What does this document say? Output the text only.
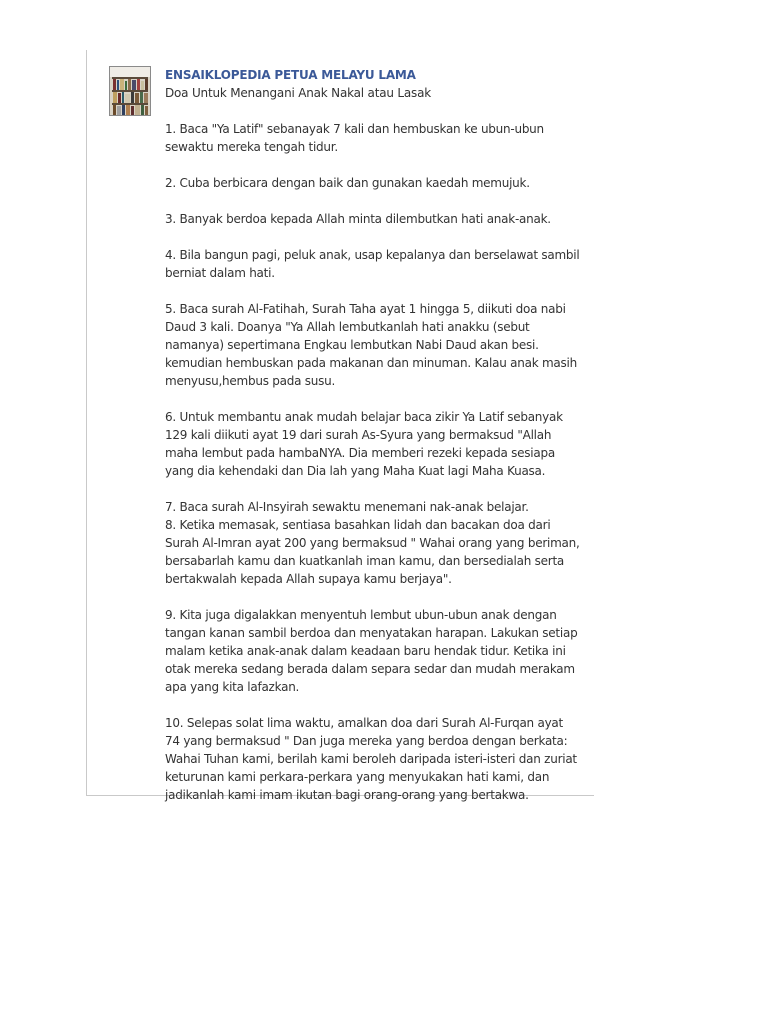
ENSAIKLOPEDIA PETUA MELAYU LAMA
Doa Untuk Menangani Anak Nakal atau Lasak
1. Baca "Ya Latif" sebanayak 7 kali dan hembuskan ke ubun-ubun sewaktu mereka tengah tidur.
2. Cuba berbicara dengan baik dan gunakan kaedah memujuk.
3. Banyak berdoa kepada Allah minta dilembutkan hati anak-anak.
4. Bila bangun pagi, peluk anak, usap kepalanya dan berselawat sambil berniat dalam hati.
5. Baca surah Al-Fatihah, Surah Taha ayat 1 hingga 5, diikuti doa nabi Daud 3 kali. Doanya "Ya Allah lembutkanlah hati anakku (sebut namanya) sepertimana Engkau lembutkan Nabi Daud akan besi. kemudian hembuskan pada makanan dan minuman. Kalau anak masih menyusu,hembus pada susu.
6. Untuk membantu anak mudah belajar baca zikir Ya Latif sebanyak 129 kali diikuti ayat 19 dari surah As-Syura yang bermaksud "Allah maha lembut pada hambaNYA. Dia memberi rezeki kepada sesiapa yang dia kehendaki dan Dia lah yang Maha Kuat lagi Maha Kuasa.
7. Baca surah Al-Insyirah sewaktu menemani nak-anak belajar.
8. Ketika memasak, sentiasa basahkan lidah dan bacakan doa dari Surah Al-Imran ayat 200 yang bermaksud " Wahai orang yang beriman, bersabarlah kamu dan kuatkanlah iman kamu, dan bersedialah serta bertakwalah kepada Allah supaya kamu berjaya".
9. Kita juga digalakkan menyentuh lembut ubun-ubun anak dengan tangan kanan sambil berdoa dan menyatakan harapan. Lakukan setiap malam ketika anak-anak dalam keadaan baru hendak tidur. Ketika ini otak mereka sedang berada dalam separa sedar dan mudah merakam apa yang kita lafazkan.
10. Selepas solat lima waktu, amalkan doa dari Surah Al-Furqan ayat 74 yang bermaksud " Dan juga mereka yang berdoa dengan berkata: Wahai Tuhan kami, berilah kami beroleh daripada isteri-isteri dan zuriat keturunan kami perkara-perkara yang menyukakan hati kami, dan jadikanlah kami imam ikutan bagi orang-orang yang bertakwa.
